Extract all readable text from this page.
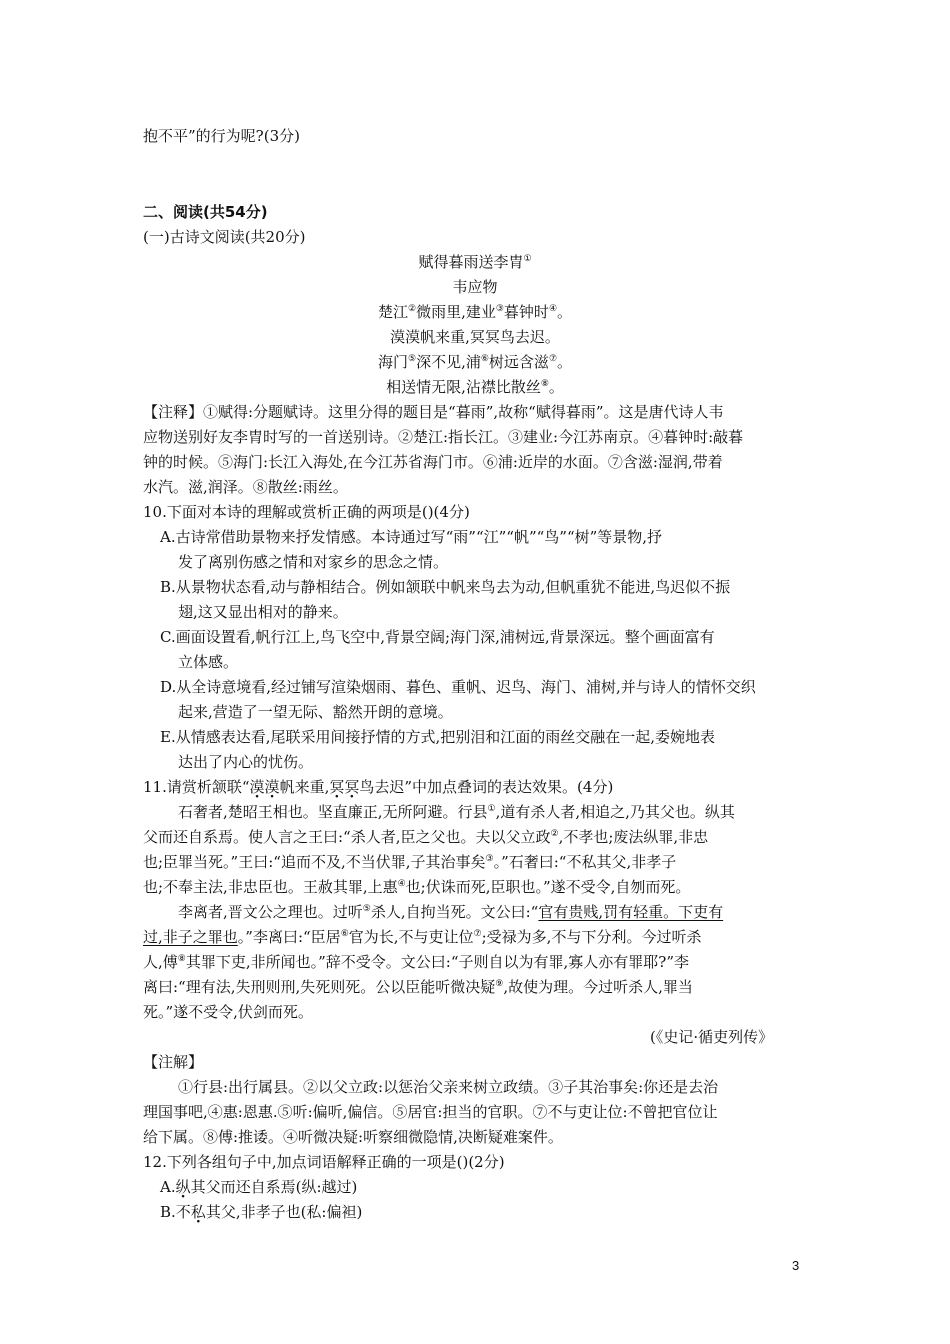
抱不平”的行为呢?(3分)
二、阅读(共54分)
(一)古诗文阅读(共20分)
赋得暮雨送李胄①
韦应物
楚江②微雨里,建业③暮钟时④。
漠漠帆来重,冥冥鸟去迟。
海门⑤深不见,浦⑥树远含滋⑦。
相送情无限,沾襟比散丝⑧。
【注释】①赋得:分题赋诗。这里分得的题目是“暮雨”,故称“赋得暮雨”。这是唐代诗人韦
应物送别好友李胄时写的一首送别诗。②楚江:指长江。③建业:今江苏南京。④暮钟时:敲暮
钟的时候。⑤海门:长江入海处,在今江苏省海门市。⑥浦:近岸的水面。⑦含滋:湿润,带着
水汽。滋,润泽。⑧散丝:雨丝。
10.下面对本诗的理解或赏析正确的两项是()(4分)
A.古诗常借助景物来抒发情感。本诗通过写“雨”“江”“帆”“鸟”“树”等景物,抒
发了离别伤感之情和对家乡的思念之情。
B.从景物状态看,动与静相结合。例如颔联中帆来鸟去为动,但帆重犹不能进,鸟迟似不振
翅,这又显出相对的静来。
C.画面设置看,帆行江上,鸟飞空中,背景空阔;海门深,浦树远,背景深远。整个画面富有
立体感。
D.从全诗意境看,经过铺写渲染烟雨、暮色、重帆、迟鸟、海门、浦树,并与诗人的情怀交织
起来,营造了一望无际、豁然开朗的意境。
E.从情感表达看,尾联采用间接抒情的方式,把别泪和江面的雨丝交融在一起,委婉地表
达出了内心的忧伤。
11.请赏析颔联“漠漠帆来重,冥冥鸟去迟”中加点叠词的表达效果。(4分)
石奢者,楚昭王相也。坚直廉正,无所阿避。行县①,道有杀人者,相追之,乃其父也。纵其
父而还自系焉。使人言之王曰:“杀人者,臣之父也。夫以父立政②,不孝也;废法纵罪,非忠
也;臣罪当死。”王曰:“追而不及,不当伏罪,子其治事矣③。”石奢曰:“不私其父,非孝子
也;不奉主法,非忠臣也。王赦其罪,上惠④也;伏诛而死,臣职也。”遂不受令,自刎而死。
李离者,晋文公之理也。过听⑤杀人,自拘当死。文公曰:“官有贵贱,罚有轻重。下吏有
过,非子之罪也。”李离曰:“臣居⑥官为长,不与吏让位⑦;受禄为多,不与下分利。今过听杀
人,傅⑧其罪下吏,非所闻也。”辞不受令。文公曰:“子则自以为有罪,寡人亦有罪耶?”李
离曰:“理有法,失刑则刑,失死则死。公以臣能听微决疑⑨,故使为理。今过听杀人,罪当
死。”遂不受令,伏剑而死。
(《史记·循吏列传》
【注解】
①行县:出行属县。②以父立政:以惩治父亲来树立政绩。③子其治事矣:你还是去治
理国事吧,④惠:恩惠.⑤听:偏听,偏信。⑤居官:担当的官职。⑦不与吏让位:不曾把官位让
给下属。⑧傅:推诿。④听微决疑:听察细微隐情,决断疑难案件。
12.下列各组句子中,加点词语解释正确的一项是()(2分)
A.纵其父而还自系焉(纵:越过)
B.不私其父,非孝子也(私:偏袒)
3
